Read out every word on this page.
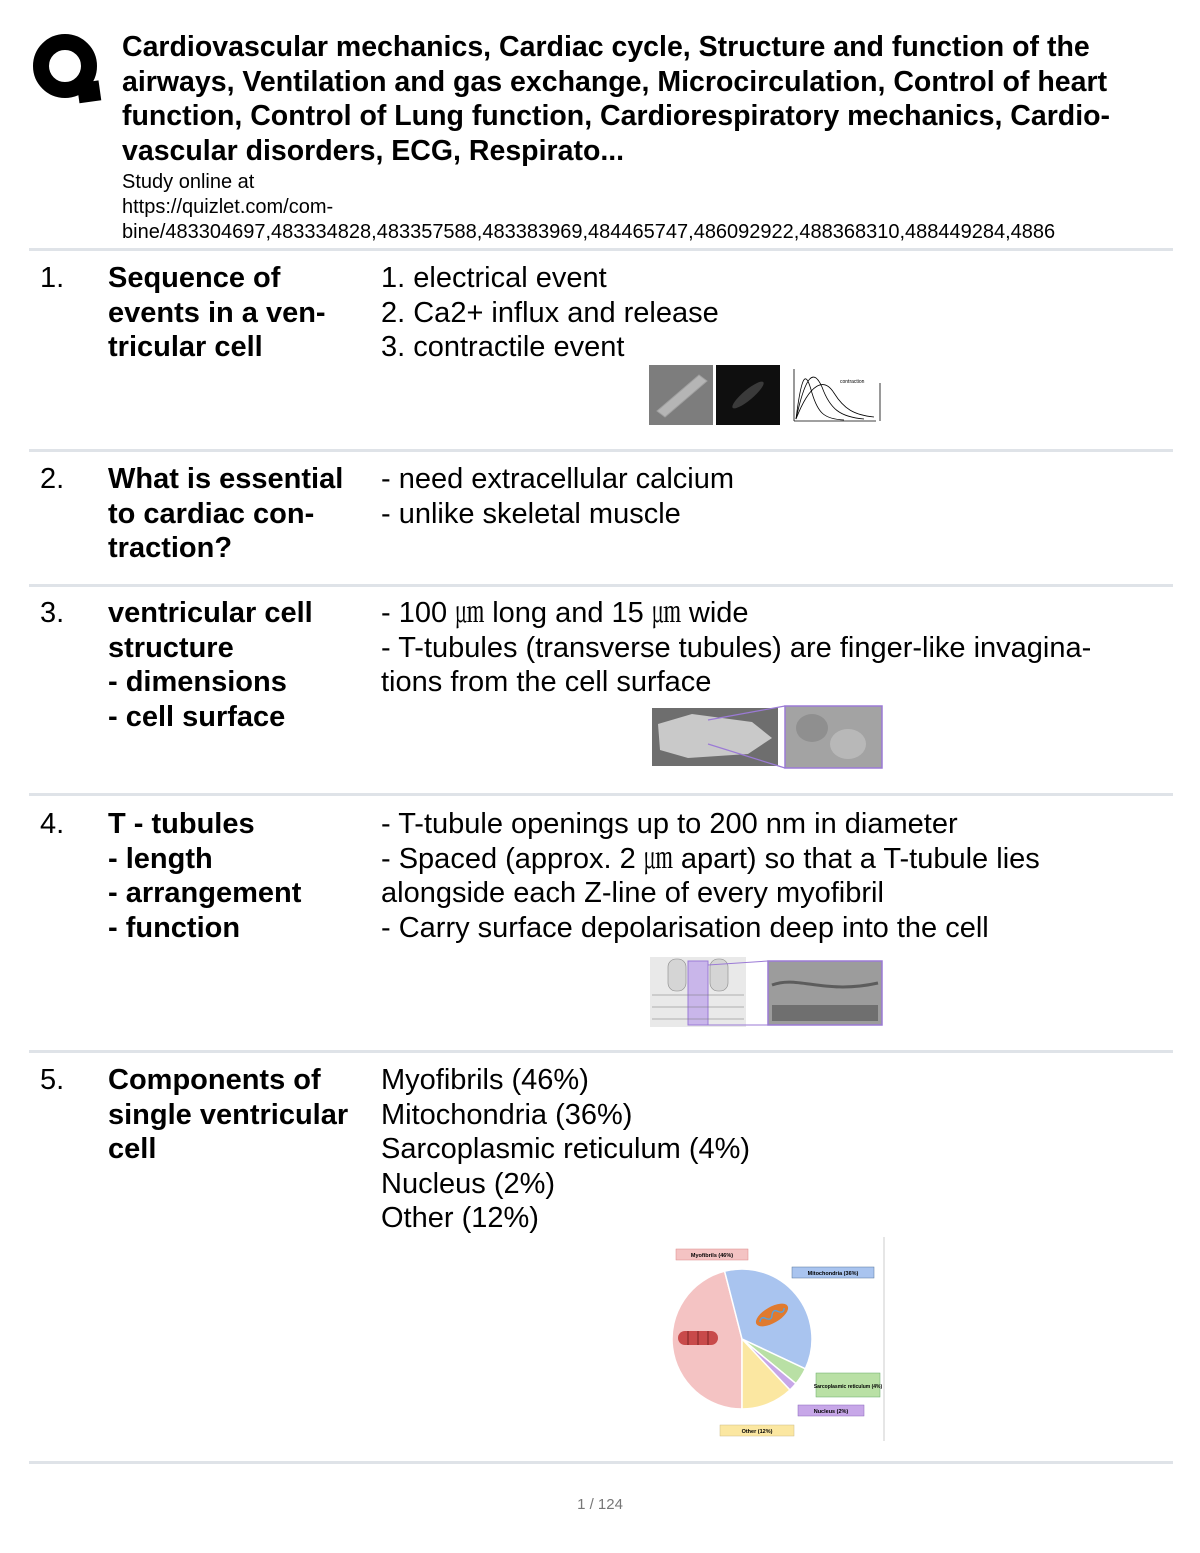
Cardiovascular mechanics, Cardiac cycle, Structure and function of the
airways, Ventilation and gas exchange, Microcirculation, Control of heart
function, Control of Lung function, Cardiorespiratory mechanics, Cardio-
vascular disorders, ECG, Respirato...
Study online at
https://quizlet.com/com-
bine/483304697,483334828,483357588,483383969,484465747,486092922,488368310,488449284,4886
1. Sequence of
events in a ven-
tricular cell
1. electrical event
2. Ca2+ influx and release
3. contractile event
contraction
2. What is essential
to cardiac con-
traction?
- need extracellular calcium
- unlike skeletal muscle
3. ventricular cell
structure
- dimensions
- cell surface
- 100 ㎛ long and 15 ㎛ wide
- T-tubules (transverse tubules) are finger-like invagina-
tions from the cell surface
4. T - tubules
- length
- arrangement
- function
- T-tubule openings up to 200 nm in diameter
- Spaced (approx. 2 ㎛ apart) so that a T-tubule lies
alongside each Z-line of every myofibril
- Carry surface depolarisation deep into the cell
5. Components of
single ventricular
cell
Myofibrils (46%)
Mitochondria (36%)
Sarcoplasmic reticulum (4%)
Nucleus (2%)
Other (12%)
Myofibrils (46%)
Mitochondria (36%)
Sarcoplasmic reticulum (4%)
Nucleus (2%)
Other (12%)
1 / 124
